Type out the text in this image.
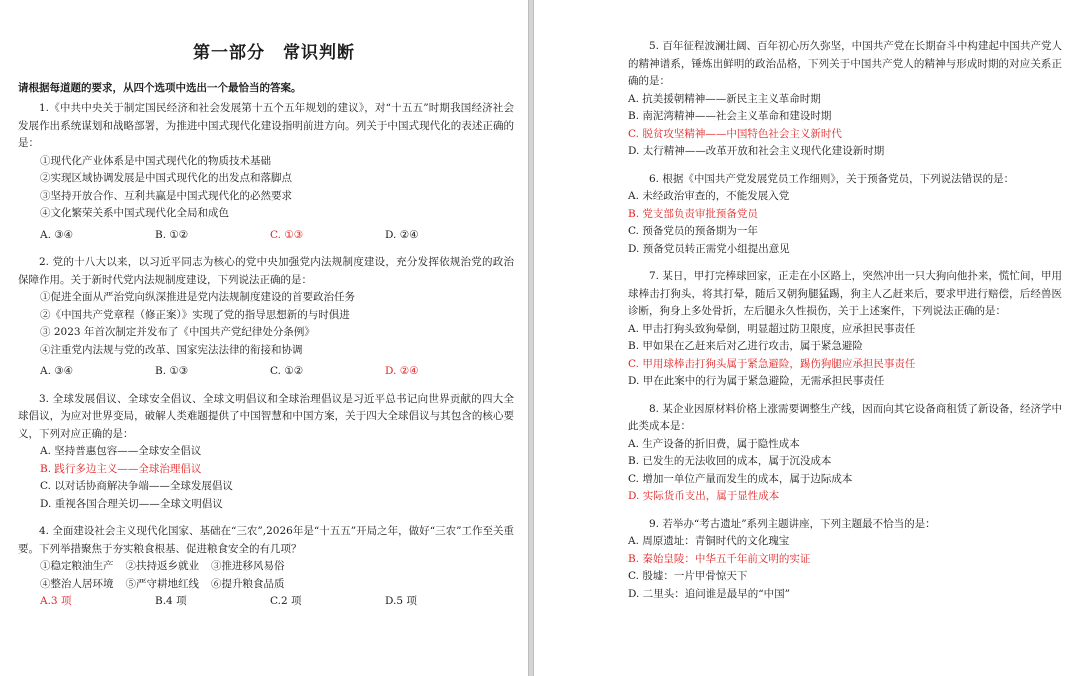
第一部分 常识判断

请根据每道题的要求，从四个选项中选出一个最恰当的答案。

1.《中共中央关于制定国民经济和社会发展第十五个五年规划的建议》，对“十五五”时期我国经济社会发展作出系统谋划和战略部署，为推进中国式现代化建设指明前进方向。列关于中国式现代化的表述正确的是：

①现代化产业体系是中国式现代化的物质技术基础

②实现区域协调发展是中国式现代化的出发点和落脚点

③坚持开放合作、互利共赢是中国式现代化的必然要求

④文化繁荣关系中国式现代化全局和成色

A. ③④	B. ①②	C. ①③	D. ②④

2. 党的十八大以来，以习近平同志为核心的党中央加强党内法规制度建设，充分发挥依规治党的政治保障作用。关于新时代党内法规制度建设，下列说法正确的是：

①促进全面从严治党向纵深推进是党内法规制度建设的首要政治任务

②《中国共产党章程（修正案）》实现了党的指导思想新的与时俱进

③ 2023 年首次制定并发布了《中国共产党纪律处分条例》

④注重党内法规与党的改革、国家宪法法律的衔接和协调

A. ③④	B. ①③	C. ①②	D. ②④

3. 全球发展倡议、全球安全倡议、全球文明倡议和全球治理倡议是习近平总书记向世界贡献的四大全球倡议，为应对世界变局，破解人类难题提供了中国智慧和中国方案，关于四大全球倡议与其包含的核心要义，下列对应正确的是：

A. 坚持普惠包容——全球安全倡议

B. 践行多边主义——全球治理倡议

C. 以对话协商解决争端——全球发展倡议

D. 重视各国合理关切——全球文明倡议

4. 全面建设社会主义现代化国家、基础在“三农”,2026年是“十五五”开局之年，做好“三农”工作至关重要。下列举措聚焦于夯实粮食根基、促进粮食安全的有几项？

①稳定粮油生产 ②扶持返乡就业 ③推进移风易俗
④整治人居环境 ⑤严守耕地红线 ⑥提升粮食品质
A.3 项	B.4 项	C.2 项	D.5 项

5. 百年征程波澜壮阔、百年初心历久弥坚，中国共产党在长期奋斗中构建起中国共产党人的精神谱系，锤炼出鲜明的政治品格，下列关于中国共产党人的精神与形成时期的对应关系正确的是：

A. 抗美援朝精神——新民主主义革命时期

B. 南泥湾精神——社会主义革命和建设时期

C. 脱贫攻坚精神——中国特色社会主义新时代

D. 太行精神——改革开放和社会主义现代化建设新时期

6. 根据《中国共产党发展党员工作细则》，关于预备党员，下列说法错误的是：

A. 未经政治审查的，不能发展入党

B. 党支部负责审批预备党员

C. 预备党员的预备期为一年

D. 预备党员转正需党小组提出意见

7. 某日，甲打完棒球回家，正走在小区路上，突然冲出一只大狗向他扑来，慌忙间，甲用球棒击打狗头，将其打晕，随后又朝狗腿猛踢，狗主人乙赶来后，要求甲进行赔偿，后经兽医诊断，狗身上多处骨折，左后腿永久性损伤，关于上述案件，下列说法正确的是：

A. 甲击打狗头致狗晕倒，明显超过防卫限度，应承担民事责任

B. 甲如果在乙赶来后对乙进行攻击，属于紧急避险

C. 甲用球棒击打狗头属于紧急避险，踢伤狗腿应承担民事责任

D. 甲在此案中的行为属于紧急避险，无需承担民事责任

8. 某企业因原材料价格上涨需要调整生产线，因而向其它设备商租赁了新设备，经济学中此类成本是：

A. 生产设备的折旧费，属于隐性成本

B. 已发生的无法收回的成本，属于沉没成本

C. 增加一单位产量而发生的成本，属于边际成本

D. 实际货币支出，属于显性成本

9. 若举办“考古遗址”系列主题讲座，下列主题最不恰当的是：

A. 周原遗址：青铜时代的文化瑰宝

B. 秦始皇陵：中华五千年前文明的实证

C. 殷墟：一片甲骨惊天下

D. 二里头：追问谁是最早的“中国”
